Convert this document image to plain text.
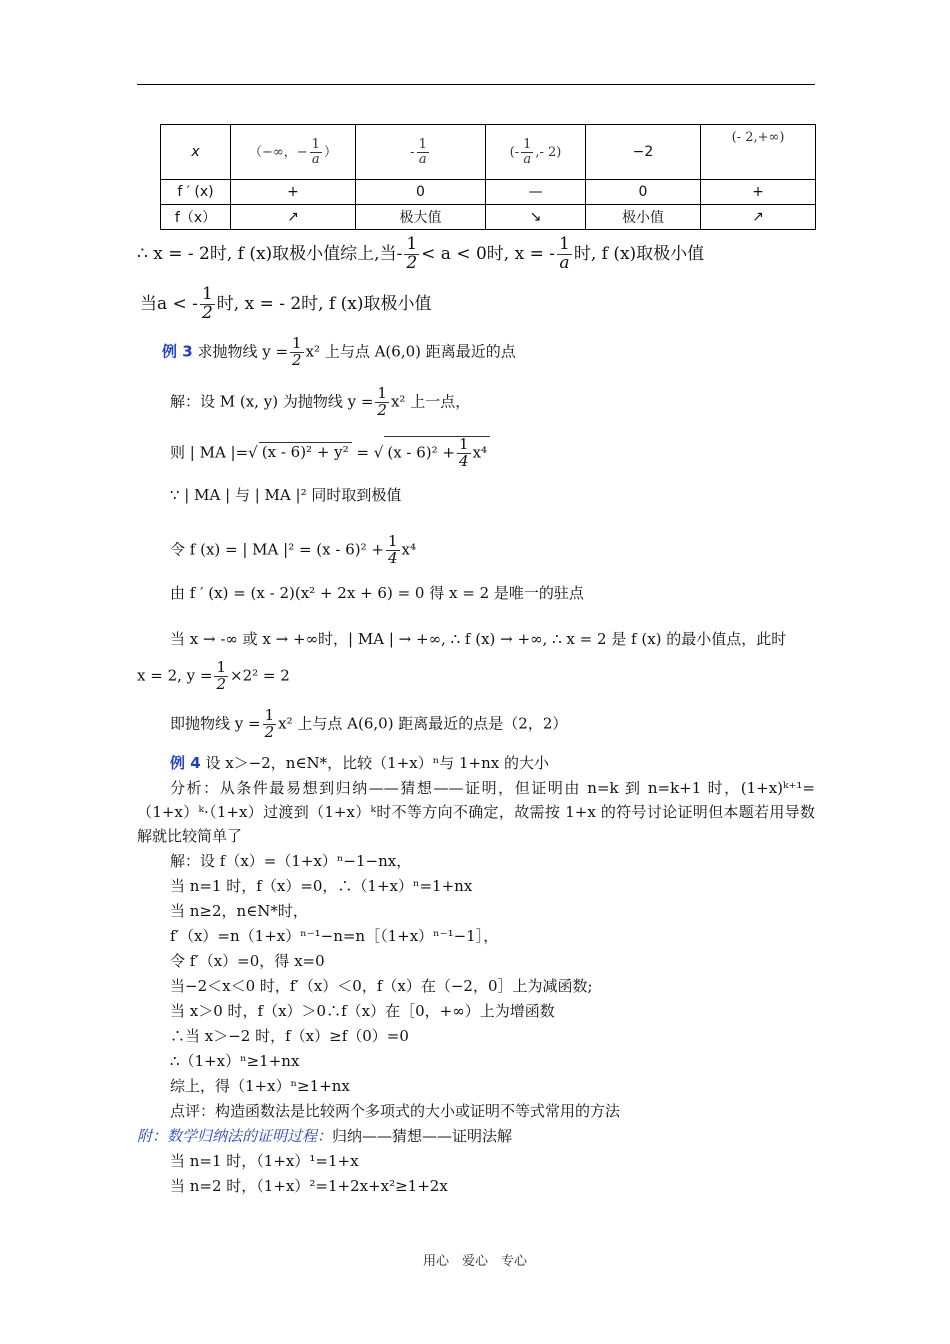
x	（−∞，− $\frac{1}{a}$ ）	- $\frac{1}{a}$	(- $\frac{1}{a}$ ,- 2)	−2	(- 2,+∞)
f ′ (x)	+	0	—	0	+
f（x）	↗	极大值	↘	极小值	↗
∴ x = - 2时, f (x)取极小值综上,当- $\frac{1}{2} < a < 0$时, x = - $\frac{1}{a}$ 时, f (x)取极小值
当a < - $\frac{1}{2}$ 时, x = - 2时, f (x)取极小值
例 3 求抛物线 $y = \frac{1}{2} x^2$ 上与点 A(6,0) 距离最近的点
解：设 M (x, y) 为抛物线 $y = \frac{1}{2} x^2$ 上一点，
则 | MA |=√ (x - 6)² + y² = √ $(x - 6)^2 + \frac{1}{4} x^4$
∵ | MA | 与 | MA |² 同时取到极值
令 f (x) = | MA $|^2 = (x - 6)^2 + \frac{1}{4} x^4$
由 f ′ (x) = (x - 2)(x² + 2x + 6) = 0 得 x = 2 是唯一的驻点
当 x → -∞ 或 x → +∞时，| MA | → +∞, ∴ f (x) → +∞, ∴ x = 2 是 f (x) 的最小值点，此时
x = 2, $y = \frac{1}{2} \times 2^2 = 2$
即抛物线 $y = \frac{1}{2} x^2$ 上与点 A(6,0) 距离最近的点是（2，2）
例 4 设 x＞−2，n∈N*，比较（1+x）ⁿ与 1+nx 的大小
分析：从条件最易想到归纳——猜想——证明，但证明由 n=k 到 n=k+1 时，(1+x)ᵏ⁺¹=（1+x）ᵏ·（1+x）过渡到（1+x）ᵏ时不等方向不确定，故需按 1+x 的符号讨论证明但本题若用导数解就比较简单了
解：设 f（x）=（1+x）ⁿ−1−nx，
当 n=1 时，f（x）=0，∴（1+x）ⁿ=1+nx
当 n≥2，n∈N*时，
f′（x）=n（1+x）ⁿ⁻¹−n=n［（1+x）ⁿ⁻¹−1］，
令 f′（x）=0，得 x=0
当−2＜x＜0 时，f′（x）＜0，f（x）在（−2，0］上为减函数;
当 x＞0 时，f（x）＞0∴f（x）在［0，+∞）上为增函数
∴当 x＞−2 时，f（x）≥f（0）=0
∴（1+x）ⁿ≥1+nx
综上，得（1+x）ⁿ≥1+nx
点评：构造函数法是比较两个多项式的大小或证明不等式常用的方法
附：数学归纳法的证明过程：归纳——猜想——证明法解
当 n=1 时，（1+x）¹=1+x
当 n=2 时，（1+x）²=1+2x+x²≥1+2x
用心　爱心　专心
